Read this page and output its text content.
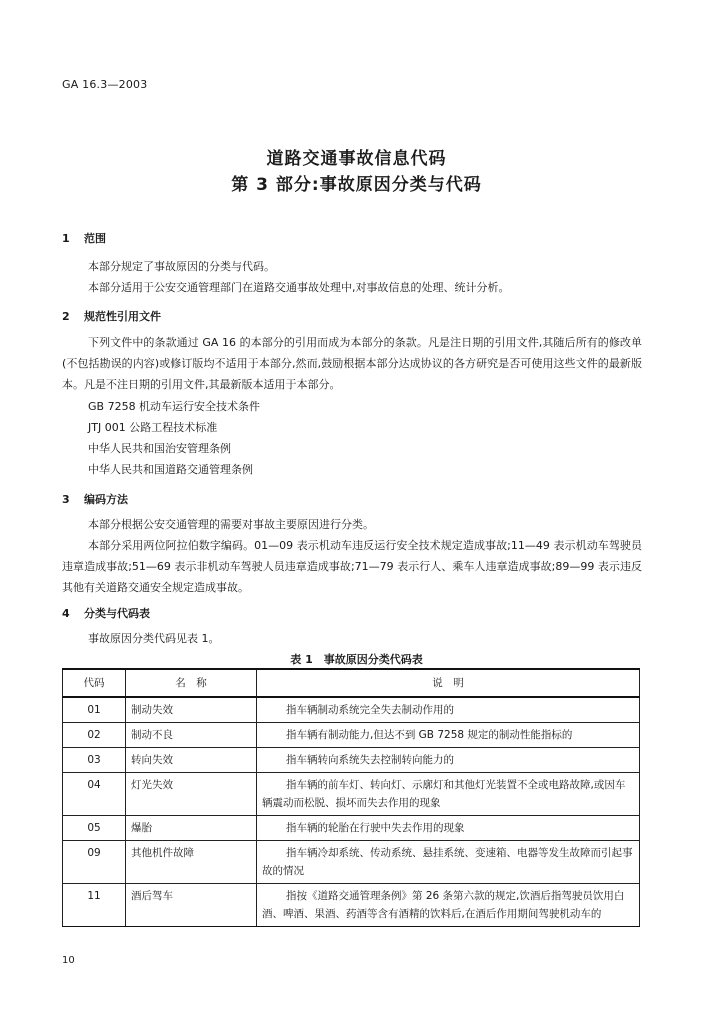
GA 16.3—2003
道路交通事故信息代码
第 3 部分:事故原因分类与代码
1 范围
本部分规定了事故原因的分类与代码。
本部分适用于公安交通管理部门在道路交通事故处理中,对事故信息的处理、统计分析。
2 规范性引用文件
下列文件中的条款通过 GA 16 的本部分的引用而成为本部分的条款。凡是注日期的引用文件,其随后所有的修改单(不包括勘误的内容)或修订版均不适用于本部分,然而,鼓励根据本部分达成协议的各方研究是否可使用这些文件的最新版本。凡是不注日期的引用文件,其最新版本适用于本部分。
GB 7258 机动车运行安全技术条件
JTJ 001 公路工程技术标准
中华人民共和国治安管理条例
中华人民共和国道路交通管理条例
3 编码方法
本部分根据公安交通管理的需要对事故主要原因进行分类。
本部分采用两位阿拉伯数字编码。01—09 表示机动车违反运行安全技术规定造成事故;11—49 表示机动车驾驶员违章造成事故;51—69 表示非机动车驾驶人员违章造成事故;71—79 表示行人、乘车人违章造成事故;89—99 表示违反其他有关道路交通安全规定造成事故。
4 分类与代码表
事故原因分类代码见表 1。
表 1　事故原因分类代码表
代码	名　称	说　明
01	制动失效	指车辆制动系统完全失去制动作用的
02	制动不良	指车辆有制动能力,但达不到 GB 7258 规定的制动性能指标的
03	转向失效	指车辆转向系统失去控制转向能力的
04	灯光失效	指车辆的前车灯、转向灯、示廓灯和其他灯光装置不全或电路故障,或因车辆震动而松脱、损坏而失去作用的现象
05	爆胎	指车辆的轮胎在行驶中失去作用的现象
09	其他机件故障	指车辆冷却系统、传动系统、悬挂系统、变速箱、电器等发生故障而引起事故的情况
11	酒后驾车	指按《道路交通管理条例》第 26 条第六款的规定,饮酒后指驾驶员饮用白酒、啤酒、果酒、药酒等含有酒精的饮料后,在酒后作用期间驾驶机动车的
10
